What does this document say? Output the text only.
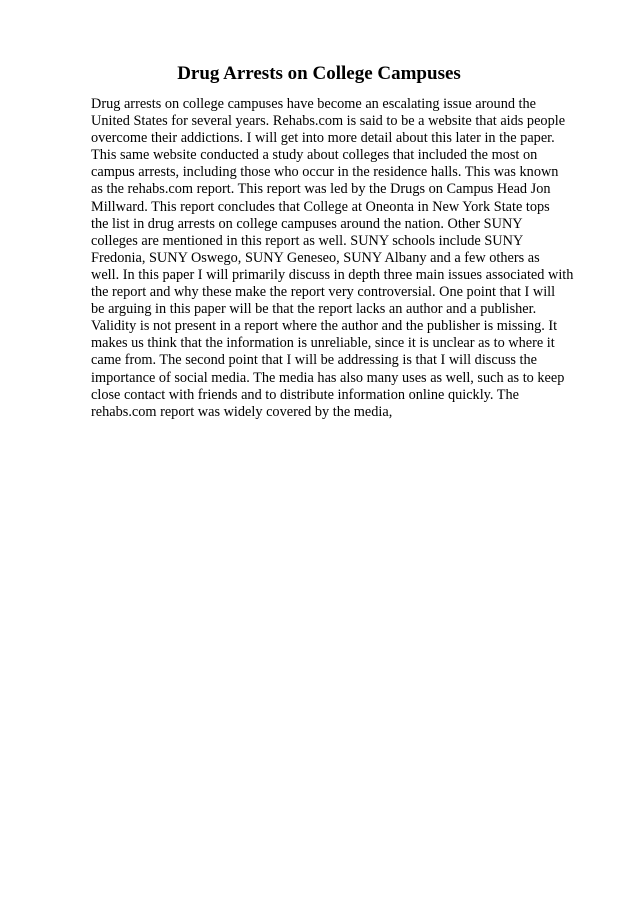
Drug Arrests on College Campuses
Drug arrests on college campuses have become an escalating issue around the
United States for several years. Rehabs.com is said to be a website that aids people
overcome their addictions. I will get into more detail about this later in the paper.
This same website conducted a study about colleges that included the most on
campus arrests, including those who occur in the residence halls. This was known
as the rehabs.com report. This report was led by the Drugs on Campus Head Jon
Millward. This report concludes that College at Oneonta in New York State tops
the list in drug arrests on college campuses around the nation. Other SUNY
colleges are mentioned in this report as well. SUNY schools include SUNY
Fredonia, SUNY Oswego, SUNY Geneseo, SUNY Albany and a few others as
well. In this paper I will primarily discuss in depth three main issues associated with
the report and why these make the report very controversial. One point that I will
be arguing in this paper will be that the report lacks an author and a publisher.
Validity is not present in a report where the author and the publisher is missing. It
makes us think that the information is unreliable, since it is unclear as to where it
came from. The second point that I will be addressing is that I will discuss the
importance of social media. The media has also many uses as well, such as to keep
close contact with friends and to distribute information online quickly. The
rehabs.com report was widely covered by the media,
